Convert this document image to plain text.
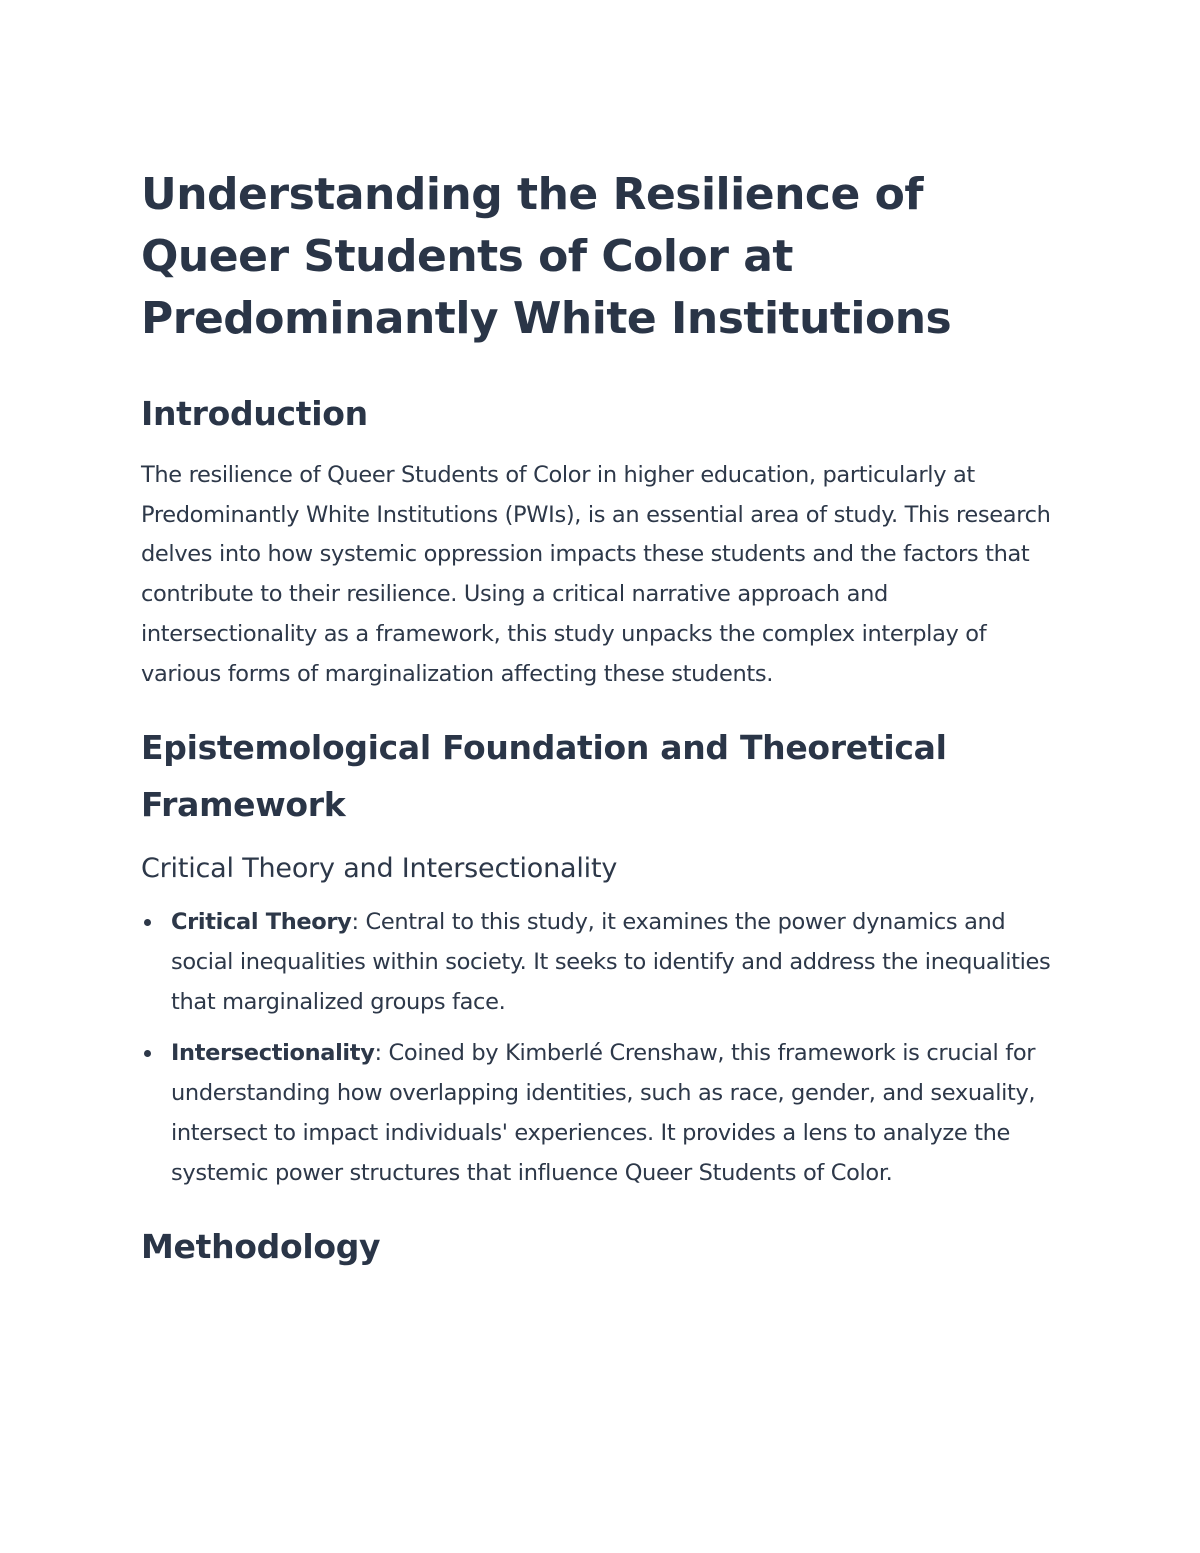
Understanding the Resilience of Queer Students of Color at Predominantly White Institutions
Introduction

The resilience of Queer Students of Color in higher education, particularly at Predominantly White Institutions (PWIs), is an essential area of study. This research delves into how systemic oppression impacts these students and the factors that contribute to their resilience. Using a critical narrative approach and intersectionality as a framework, this study unpacks the complex interplay of various forms of marginalization affecting these students.

Epistemological Foundation and Theoretical Framework
Critical Theory and Intersectionality
Critical Theory: Central to this study, it examines the power dynamics and social inequalities within society. It seeks to identify and address the inequalities that marginalized groups face.
Intersectionality: Coined by Kimberlé Crenshaw, this framework is crucial for understanding how overlapping identities, such as race, gender, and sexuality, intersect to impact individuals' experiences. It provides a lens to analyze the systemic power structures that influence Queer Students of Color.
Methodology
